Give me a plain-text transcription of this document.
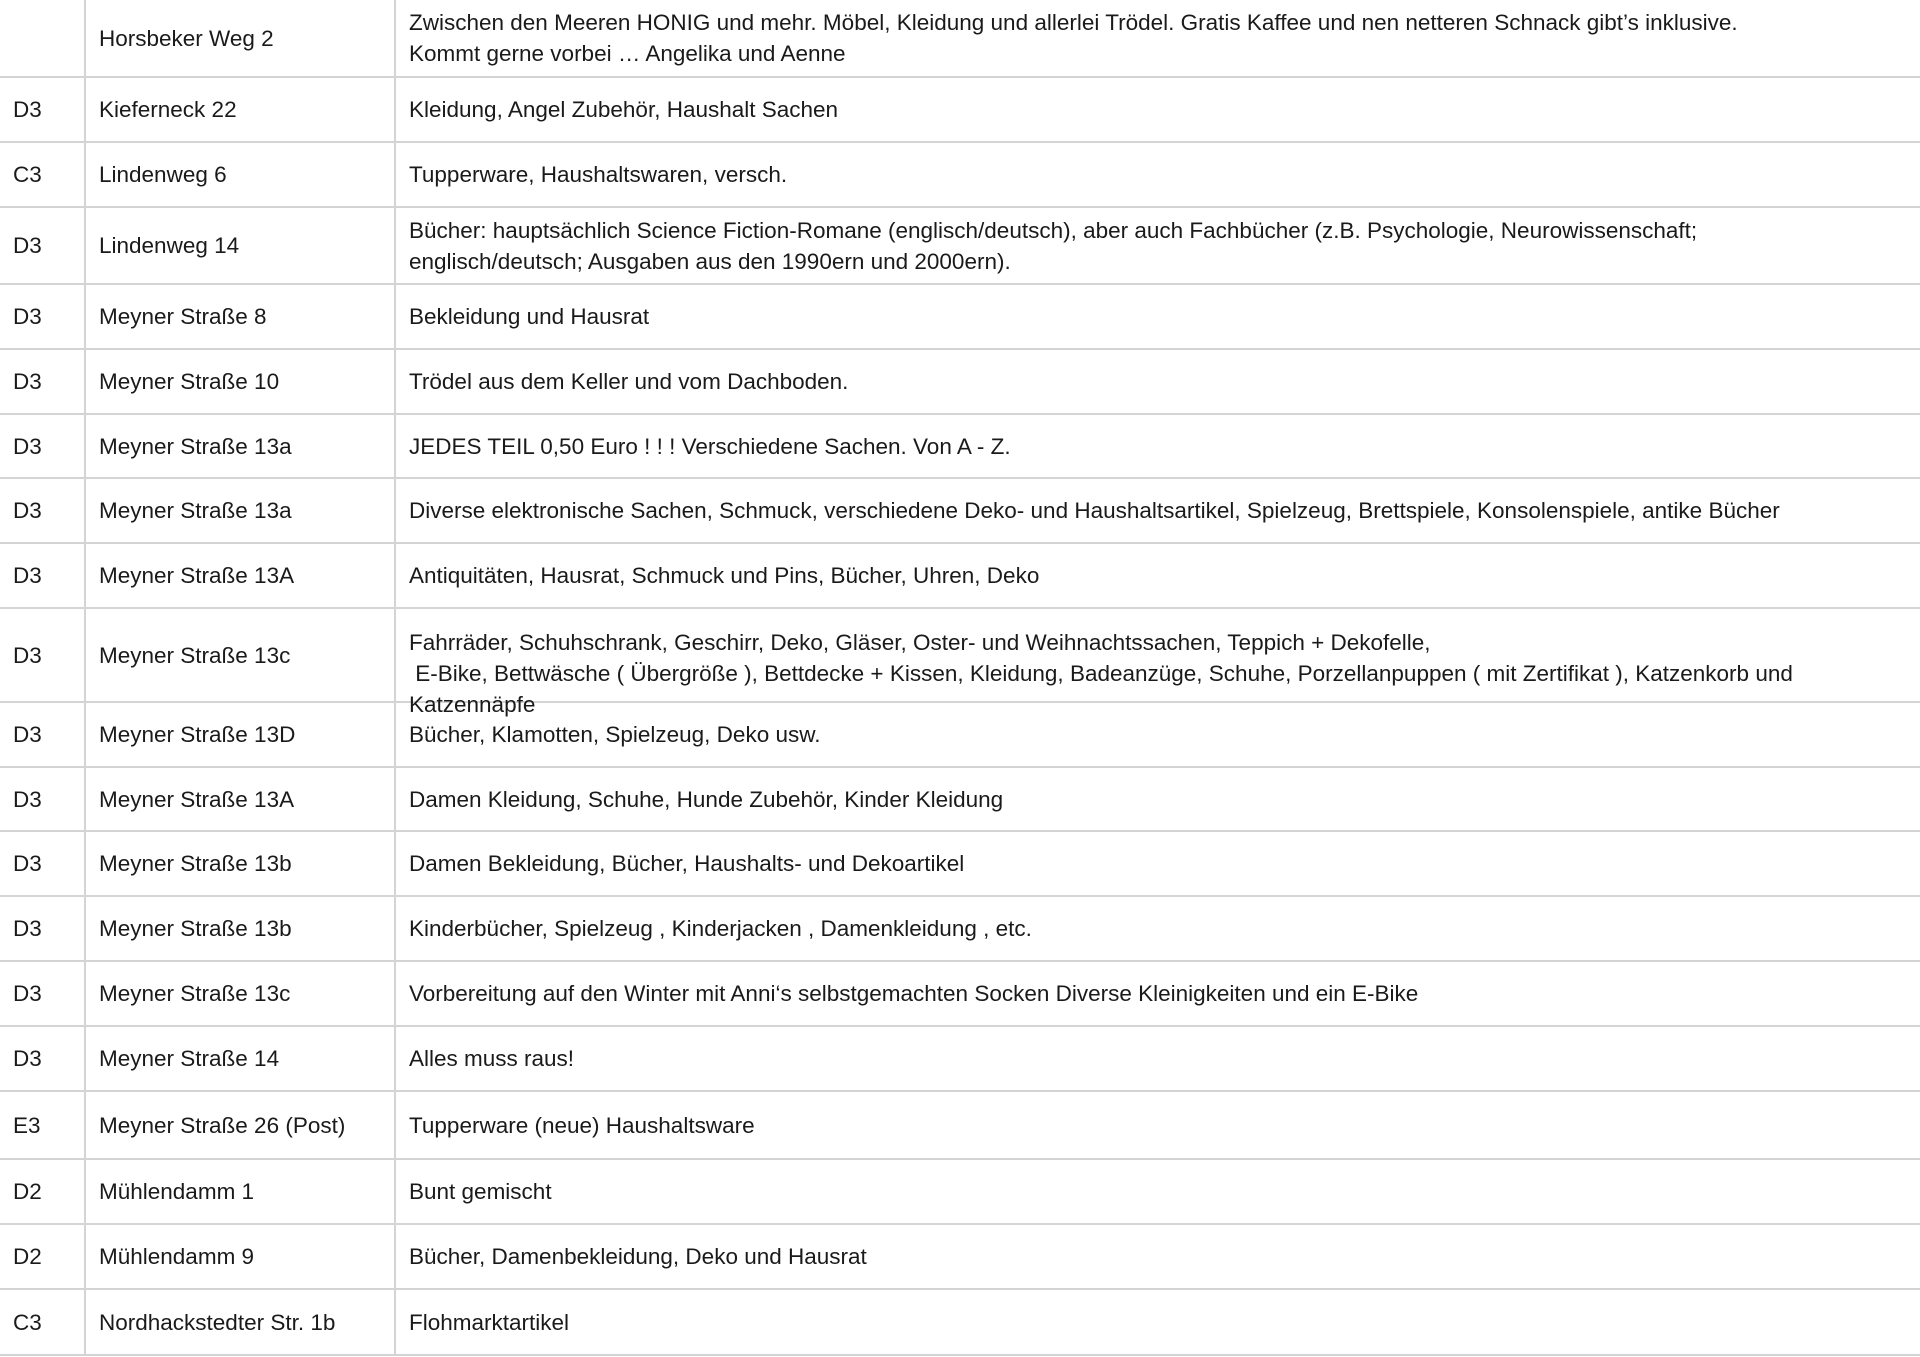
	Horsbeker Weg 2	Zwischen den Meeren HONIG und mehr. Möbel, Kleidung und allerlei Trödel. Gratis Kaffee und nen netteren Schnack gibt’s inklusive.
Kommt gerne vorbei … Angelika und Aenne

D3	Kieferneck 22	Kleidung, Angel Zubehör, Haushalt Sachen

C3	Lindenweg 6	Tupperware, Haushaltswaren, versch.

D3	Lindenweg 14	Bücher: hauptsächlich Science Fiction-Romane (englisch/deutsch), aber auch Fachbücher (z.B. Psychologie, Neurowissenschaft;
englisch/deutsch; Ausgaben aus den 1990ern und 2000ern).

D3	Meyner Straße 8	Bekleidung und Hausrat

D3	Meyner Straße 10	Trödel aus dem Keller und vom Dachboden.

D3	Meyner Straße 13a	JEDES TEIL 0,50 Euro ! ! ! Verschiedene Sachen. Von A - Z.

D3	Meyner Straße 13a	Diverse elektronische Sachen, Schmuck, verschiedene Deko- und Haushaltsartikel, Spielzeug, Brettspiele, Konsolenspiele, antike Bücher

D3	Meyner Straße 13A	Antiquitäten, Hausrat, Schmuck und Pins, Bücher, Uhren, Deko

D3	Meyner Straße 13c	Fahrräder, Schuhschrank, Geschirr, Deko, Gläser, Oster- und Weihnachtssachen, Teppich + Dekofelle,
E-Bike, Bettwäsche ( Übergröße ), Bettdecke + Kissen, Kleidung, Badeanzüge, Schuhe, Porzellanpuppen ( mit Zertifikat ), Katzenkorb und
Katzennäpfe

D3	Meyner Straße 13D	Bücher, Klamotten, Spielzeug, Deko usw.

D3	Meyner Straße 13A	Damen Kleidung, Schuhe, Hunde Zubehör, Kinder Kleidung

D3	Meyner Straße 13b	Damen Bekleidung, Bücher, Haushalts- und Dekoartikel

D3	Meyner Straße 13b	Kinderbücher, Spielzeug , Kinderjacken , Damenkleidung , etc.

D3	Meyner Straße 13c	Vorbereitung auf den Winter mit Anni‘s selbstgemachten Socken Diverse Kleinigkeiten und ein E-Bike

D3	Meyner Straße 14	Alles muss raus!

E3	Meyner Straße 26 (Post)	Tupperware (neue) Haushaltsware

D2	Mühlendamm 1	Bunt gemischt

D2	Mühlendamm 9	Bücher, Damenbekleidung, Deko und Hausrat

C3	Nordhackstedter Str. 1b	Flohmarktartikel
